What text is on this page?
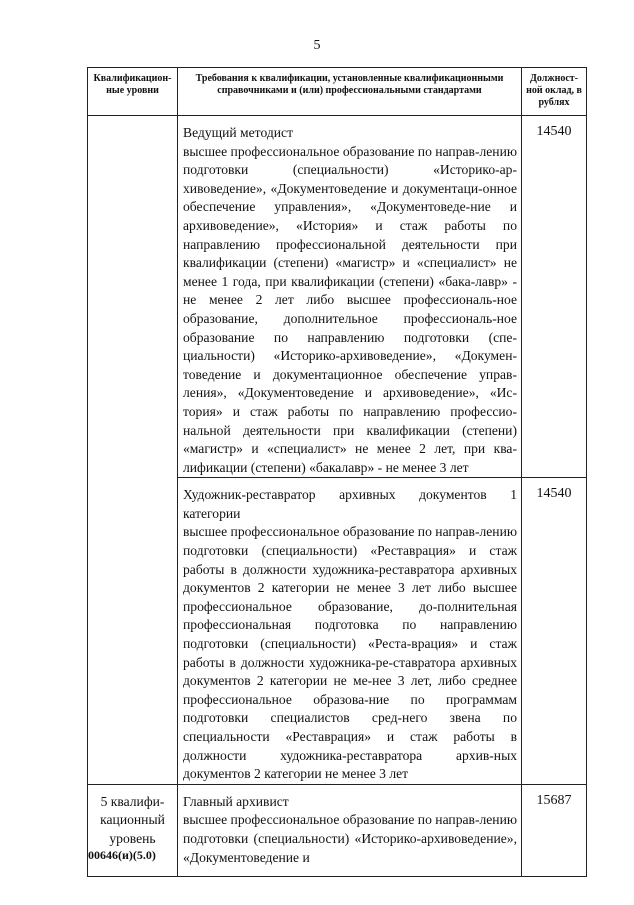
5
Квалификацион-ные уровни	Требования к квалификации, установленные квалификационными справочниками и (или) профессиональными стандартами	Должност-ной оклад, в рублях

	Ведущий методист
высшее профессиональное образование по направ-лению подготовки (специальности) «Историко-ар-хивоведение», «Документоведение и документаци-онное обеспечение управления», «Документоведе-ние и архивоведение», «История» и стаж работы по направлению профессиональной деятельности при квалификации (степени) «магистр» и «специалист» не менее 1 года, при квалификации (степени) «бака-лавр» - не менее 2 лет либо высшее профессиональ-ное образование, дополнительное профессиональ-ное образование по направлению подготовки (спе-циальности) «Историко-архивоведение», «Докумен-товедение и документационное обеспечение управ-ления», «Документоведение и архивоведение», «Ис-тория» и стаж работы по направлению профессио-нальной деятельности при квалификации (степени) «магистр» и «специалист» не менее 2 лет, при ква-лификации (степени) «бакалавр» - не менее 3 лет	14540

	Художник-реставратор архивных документов 1 категории
высшее профессиональное образование по направ-лению подготовки (специальности) «Реставрация» и стаж работы в должности художника-реставратора архивных документов 2 категории не менее 3 лет либо высшее профессиональное образование, до-полнительная профессиональная подготовка по направлению подготовки (специальности) «Реста-врация» и стаж работы в должности художника-ре-ставратора архивных документов 2 категории не ме-нее 3 лет, либо среднее профессиональное образова-ние по программам подготовки специалистов сред-него звена по специальности «Реставрация» и стаж работы в должности художника-реставратора архив-ных документов 2 категории не менее 3 лет	14540
5 квалифи-кационный уровень	Главный архивист
высшее профессиональное образование по направ-лению подготовки (специальности) «Историко-архивоведение», «Документоведение и	15687
00646(и)(5.0)
